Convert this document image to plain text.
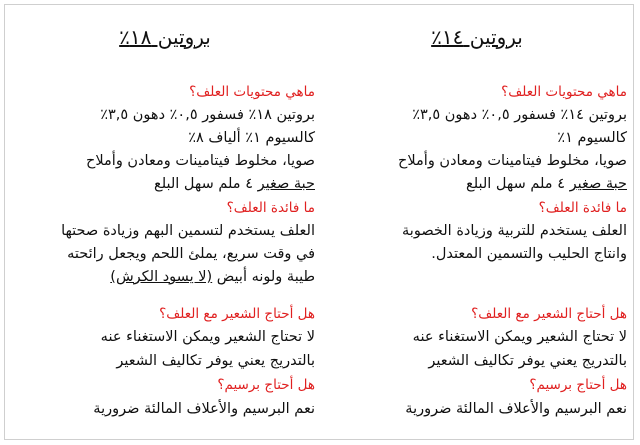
بروتين ١٤٪
ماهي محتويات العلف؟
بروتين ١٤٪ فسفور ٠,٥٪ دهون ٣,٥٪
كالسيوم ١٪
صويا، مخلوط فيتامينات ومعادن وأملاح
حبة صغير ٤ ملم سهل البلع
ما فائدة العلف؟
العلف يستخدم للتربية وزيادة الخصوبة
وانتاج الحليب والتسمين المعتدل.
هل أحتاج الشعير مع العلف؟
لا تحتاج الشعير ويمكن الاستغناء عنه
بالتدريج يعني يوفر تكاليف الشعير
هل أحتاج برسيم؟
نعم البرسيم والأعلاف المالئة ضرورية
بروتين ١٨٪
ماهي محتويات العلف؟
بروتين ١٨٪ فسفور ٠,٥٪ دهون ٣,٥٪
كالسيوم ١٪ ألياف ٨٪
صويا، مخلوط فيتامينات ومعادن وأملاح
حبة صغير ٤ ملم سهل البلع
ما فائدة العلف؟
العلف يستخدم لتسمين البهم وزيادة صحتها
في وقت سريع، يملئ اللحم ويجعل رائحته
طيبة ولونه أبيض (لا يسود الكرش)
هل أحتاج الشعير مع العلف؟
لا تحتاج الشعير ويمكن الاستغناء عنه
بالتدريج يعني يوفر تكاليف الشعير
هل أحتاج برسيم؟
نعم البرسيم والأعلاف المالئة ضرورية
